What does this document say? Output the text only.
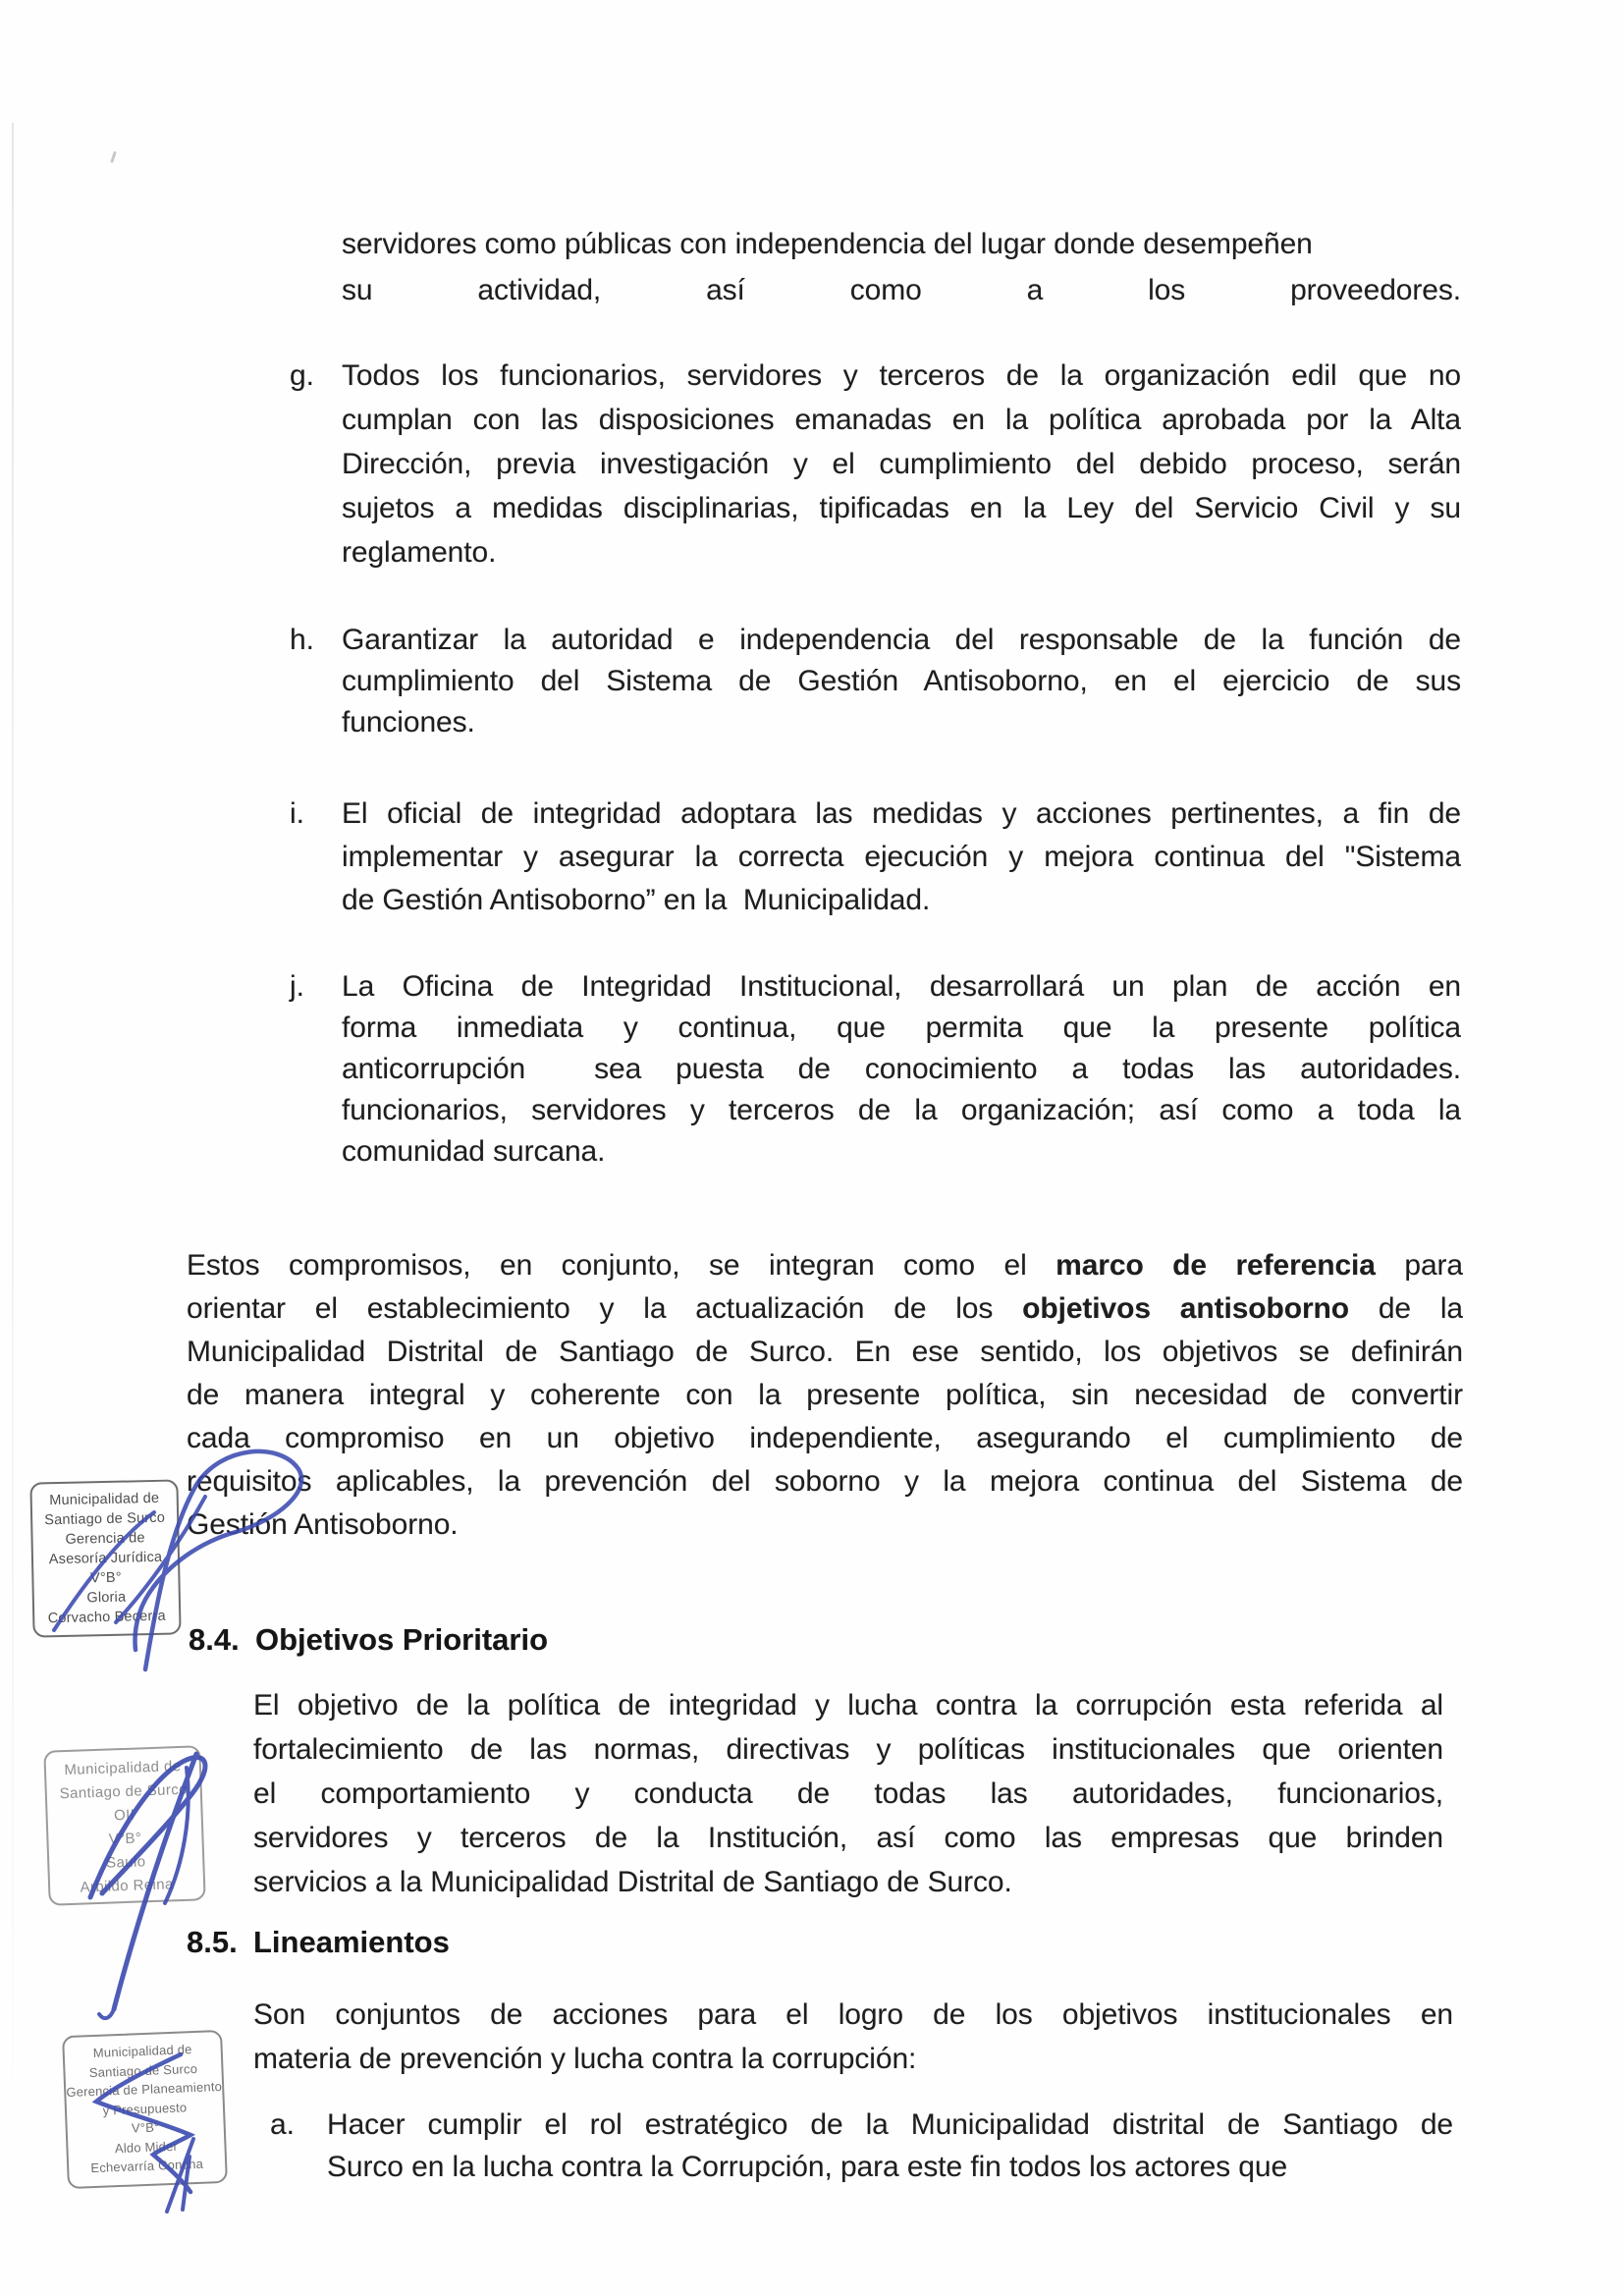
servidores como públicas con independencia del lugar donde desempeñen
su actividad, así como a los proveedores.
g. Todos los funcionarios, servidores y terceros de la organización edil que no
cumplan con las disposiciones emanadas en la política aprobada por la Alta
Dirección, previa investigación y el cumplimiento del debido proceso, serán
sujetos a medidas disciplinarias, tipificadas en la Ley del Servicio Civil y su
reglamento.
h. Garantizar la autoridad e independencia del responsable de la función de
cumplimiento del Sistema de Gestión Antisoborno, en el ejercicio de sus
funciones.
i. El oficial de integridad adoptara las medidas y acciones pertinentes, a fin de
implementar y asegurar la correcta ejecución y mejora continua del "Sistema
de Gestión Antisoborno” en la  Municipalidad.
j. La Oficina de Integridad Institucional, desarrollará un plan de acción en
forma inmediata y continua, que permita que la presente política
anticorrupción  sea puesta de conocimiento a todas las autoridades.
funcionarios, servidores y terceros de la organización; así como a toda la
comunidad surcana.
Estos compromisos, en conjunto, se integran como el marco de referencia para
orientar el establecimiento y la actualización de los objetivos antisoborno de la
Municipalidad Distrital de Santiago de Surco. En ese sentido, los objetivos se definirán
de manera integral y coherente con la presente política, sin necesidad de convertir
cada compromiso en un objetivo independiente, asegurando el cumplimiento de
requisitos aplicables, la prevención del soborno y la mejora continua del Sistema de
Gestión Antisoborno.
Municipalidad de
Santiago de Surco
Gerencia de
Asesoría Jurídica
V°B°
Gloria
Corvacho Becerra
8.4. Objetivos Prioritario
El objetivo de la política de integridad y lucha contra la corrupción esta referida al
fortalecimiento de las normas, directivas y políticas institucionales que orienten
el comportamiento y conducta de todas las autoridades, funcionarios,
servidores y terceros de la Institución, así como las empresas que brinden
servicios a la Municipalidad Distrital de Santiago de Surco.
Municipalidad de
Santiago de Surco
OII
V°B°
Saulo
Arbildo Reina
8.5. Lineamientos
Son conjuntos de acciones para el logro de los objetivos institucionales en
materia de prevención y lucha contra la corrupción:
Municipalidad de
Santiago de Surco
Gerencia de Planeamiento
y Presupuesto
V°B°
Aldo Mider
Echevarría Concha
a. Hacer cumplir el rol estratégico de la Municipalidad distrital de Santiago de
Surco en la lucha contra la Corrupción, para este fin todos los actores que
